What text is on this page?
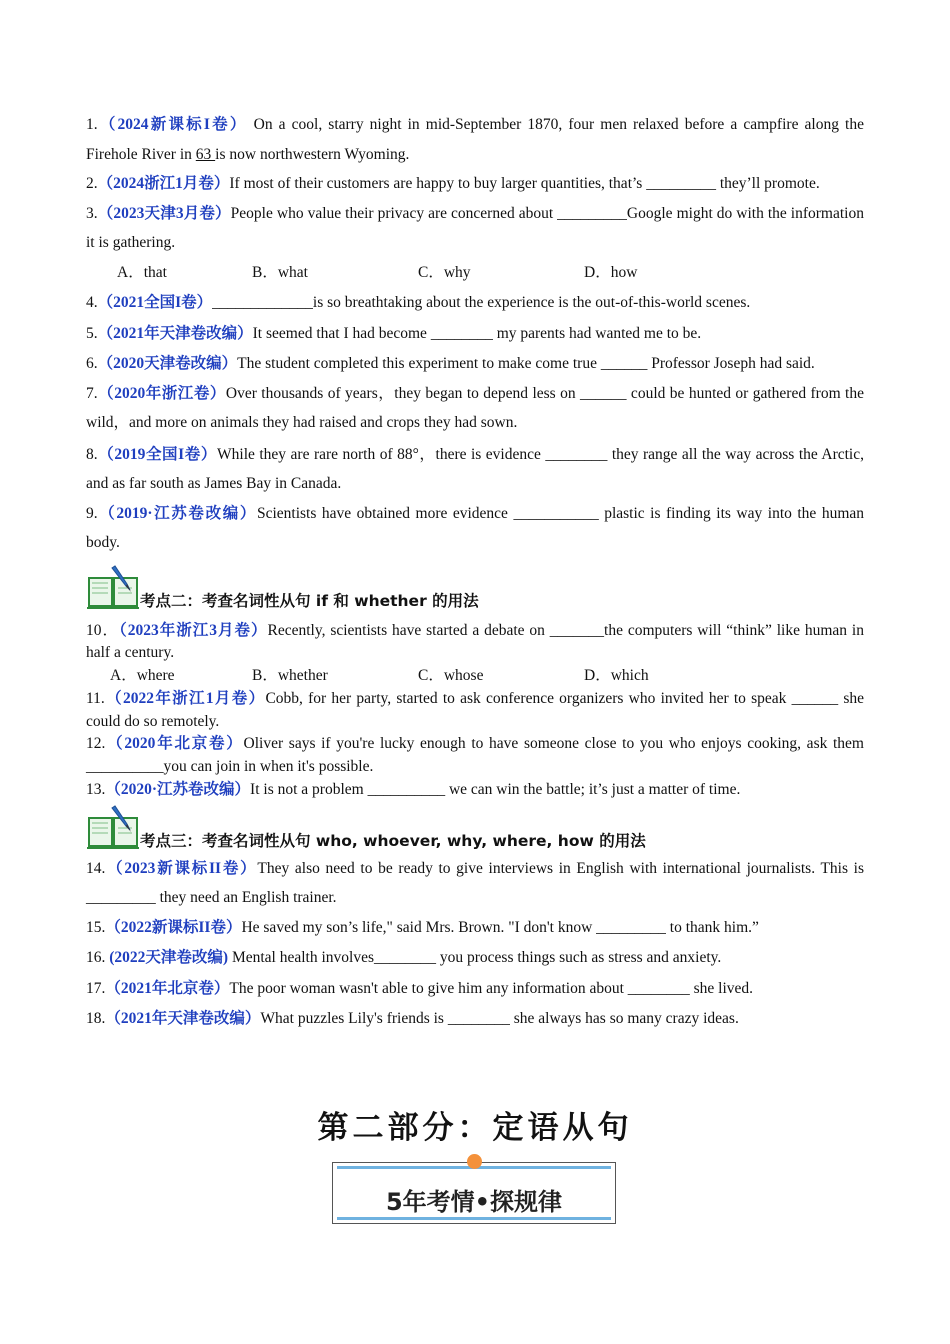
1.（2024新课标I卷） On a cool, starry night in mid-September 1870, four men relaxed before a campfire along the Firehole River in 63 is now northwestern Wyoming.

2.（2024浙江1月卷）If most of their customers are happy to buy larger quantities, that’s _________ they’ll promote.

3.（2023天津3月卷）People who value their privacy are concerned about _________Google might do with the information it is gathering.

A．that	B．what	C．why	D．how

4.（2021全国I卷）_____________is so breathtaking about the experience is the out-of-this-world scenes.

5.（2021年天津卷改编）It seemed that I had become ________ my parents had wanted me to be.

6.（2020天津卷改编）The student completed this experiment to make come true ______ Professor Joseph had said.

7.（2020年浙江卷）Over thousands of years，they began to depend less on ______ could be hunted or gathered from the wild，and more on animals they had raised and crops they had sown.

8.（2019全国I卷）While they are rare north of 88°，there is evidence ________ they range all the way across the Arctic, and as far south as James Bay in Canada.

9.（2019·江苏卷改编）Scientists have obtained more evidence ___________ plastic is finding its way into the human body.

考点二：考查名词性从句 if 和 whether 的用法

10．（2023年浙江3月卷）Recently, scientists have started a debate on _______the computers will “think” like human in half a century.

A．where	B．whether	C．whose	D．which

11.（2022年浙江1月卷）Cobb, for her party, started to ask conference organizers who invited her to speak ______ she could do so remotely.

12.（2020年北京卷）Oliver says if you're lucky enough to have someone close to you who enjoys cooking, ask them __________you can join in when it's possible.

13.（2020·江苏卷改编）It is not a problem __________ we can win the battle; it’s just a matter of time.

考点三：考查名词性从句 who, whoever, why, where, how 的用法

14.（2023新课标II卷）They also need to be ready to give interviews in English with international journalists. This is _________ they need an English trainer.

15.（2022新课标II卷）He saved my son’s life," said Mrs. Brown. "I don't know _________ to thank him.”

16. (2022天津卷改编) Mental health involves________ you process things such as stress and anxiety.

17.（2021年北京卷）The poor woman wasn't able to give him any information about ________ she lived.

18.（2021年天津卷改编）What puzzles Lily's friends is ________ she always has so many crazy ideas.

第二部分：定语从句
5年考情•探规律
